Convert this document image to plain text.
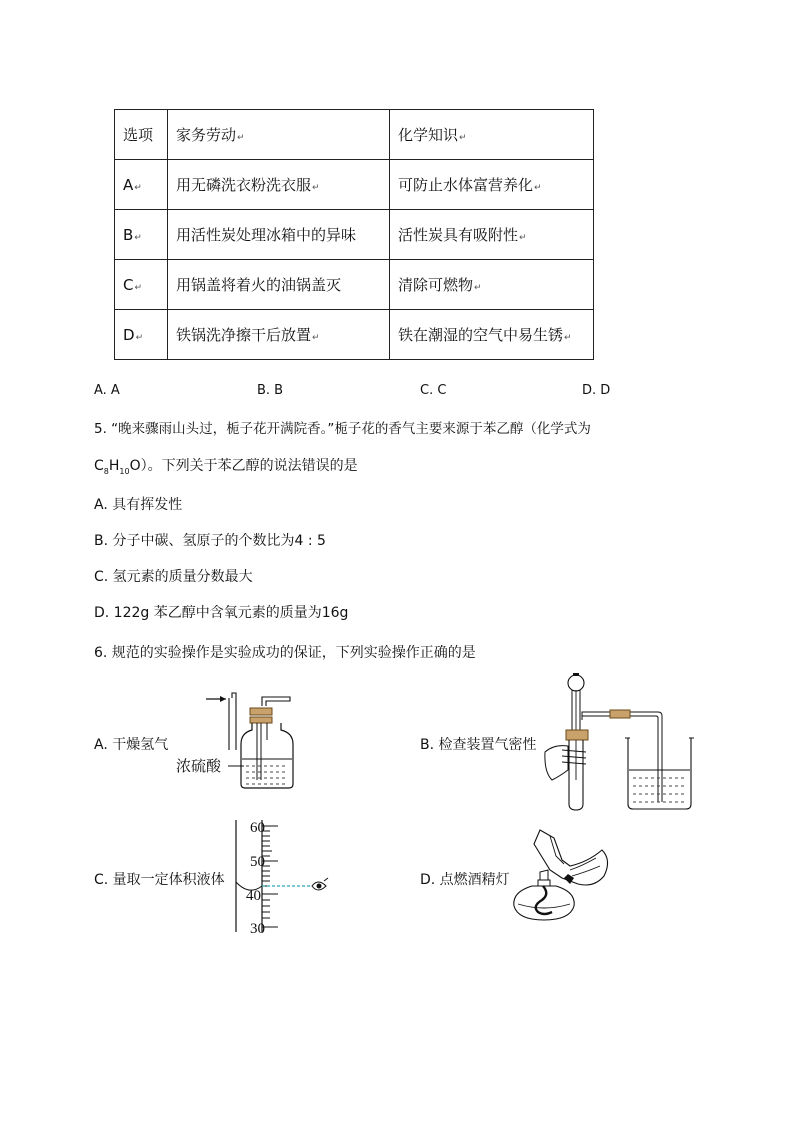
选项	家务劳动↵	化学知识↵
A↵	用无磷洗衣粉洗衣服↵	可防止水体富营养化↵
B↵	用活性炭处理冰箱中的异味	活性炭具有吸附性↵
C↵	用锅盖将着火的油锅盖灭	清除可燃物↵
D↵	铁锅洗净擦干后放置↵	铁在潮湿的空气中易生锈↵
A. A	B. B	C. C	D. D
5. “晚来骤雨山头过，栀子花开满院香。”栀子花的香气主要来源于苯乙醇（化学式为
$C_8H_{10}O$）。下列关于苯乙醇的说法错误的是
A. 具有挥发性
B. 分子中碳、氢原子的个数比为4 : 5
C. 氢元素的质量分数最大
D. 122g 苯乙醇中含氧元素的质量为16g
6. 规范的实验操作是实验成功的保证，下列实验操作正确的是
A. 干燥氢气	B. 检查装置气密性
C. 量取一定体积液体	D. 点燃酒精灯
浓硫酸
60
50
40
30
